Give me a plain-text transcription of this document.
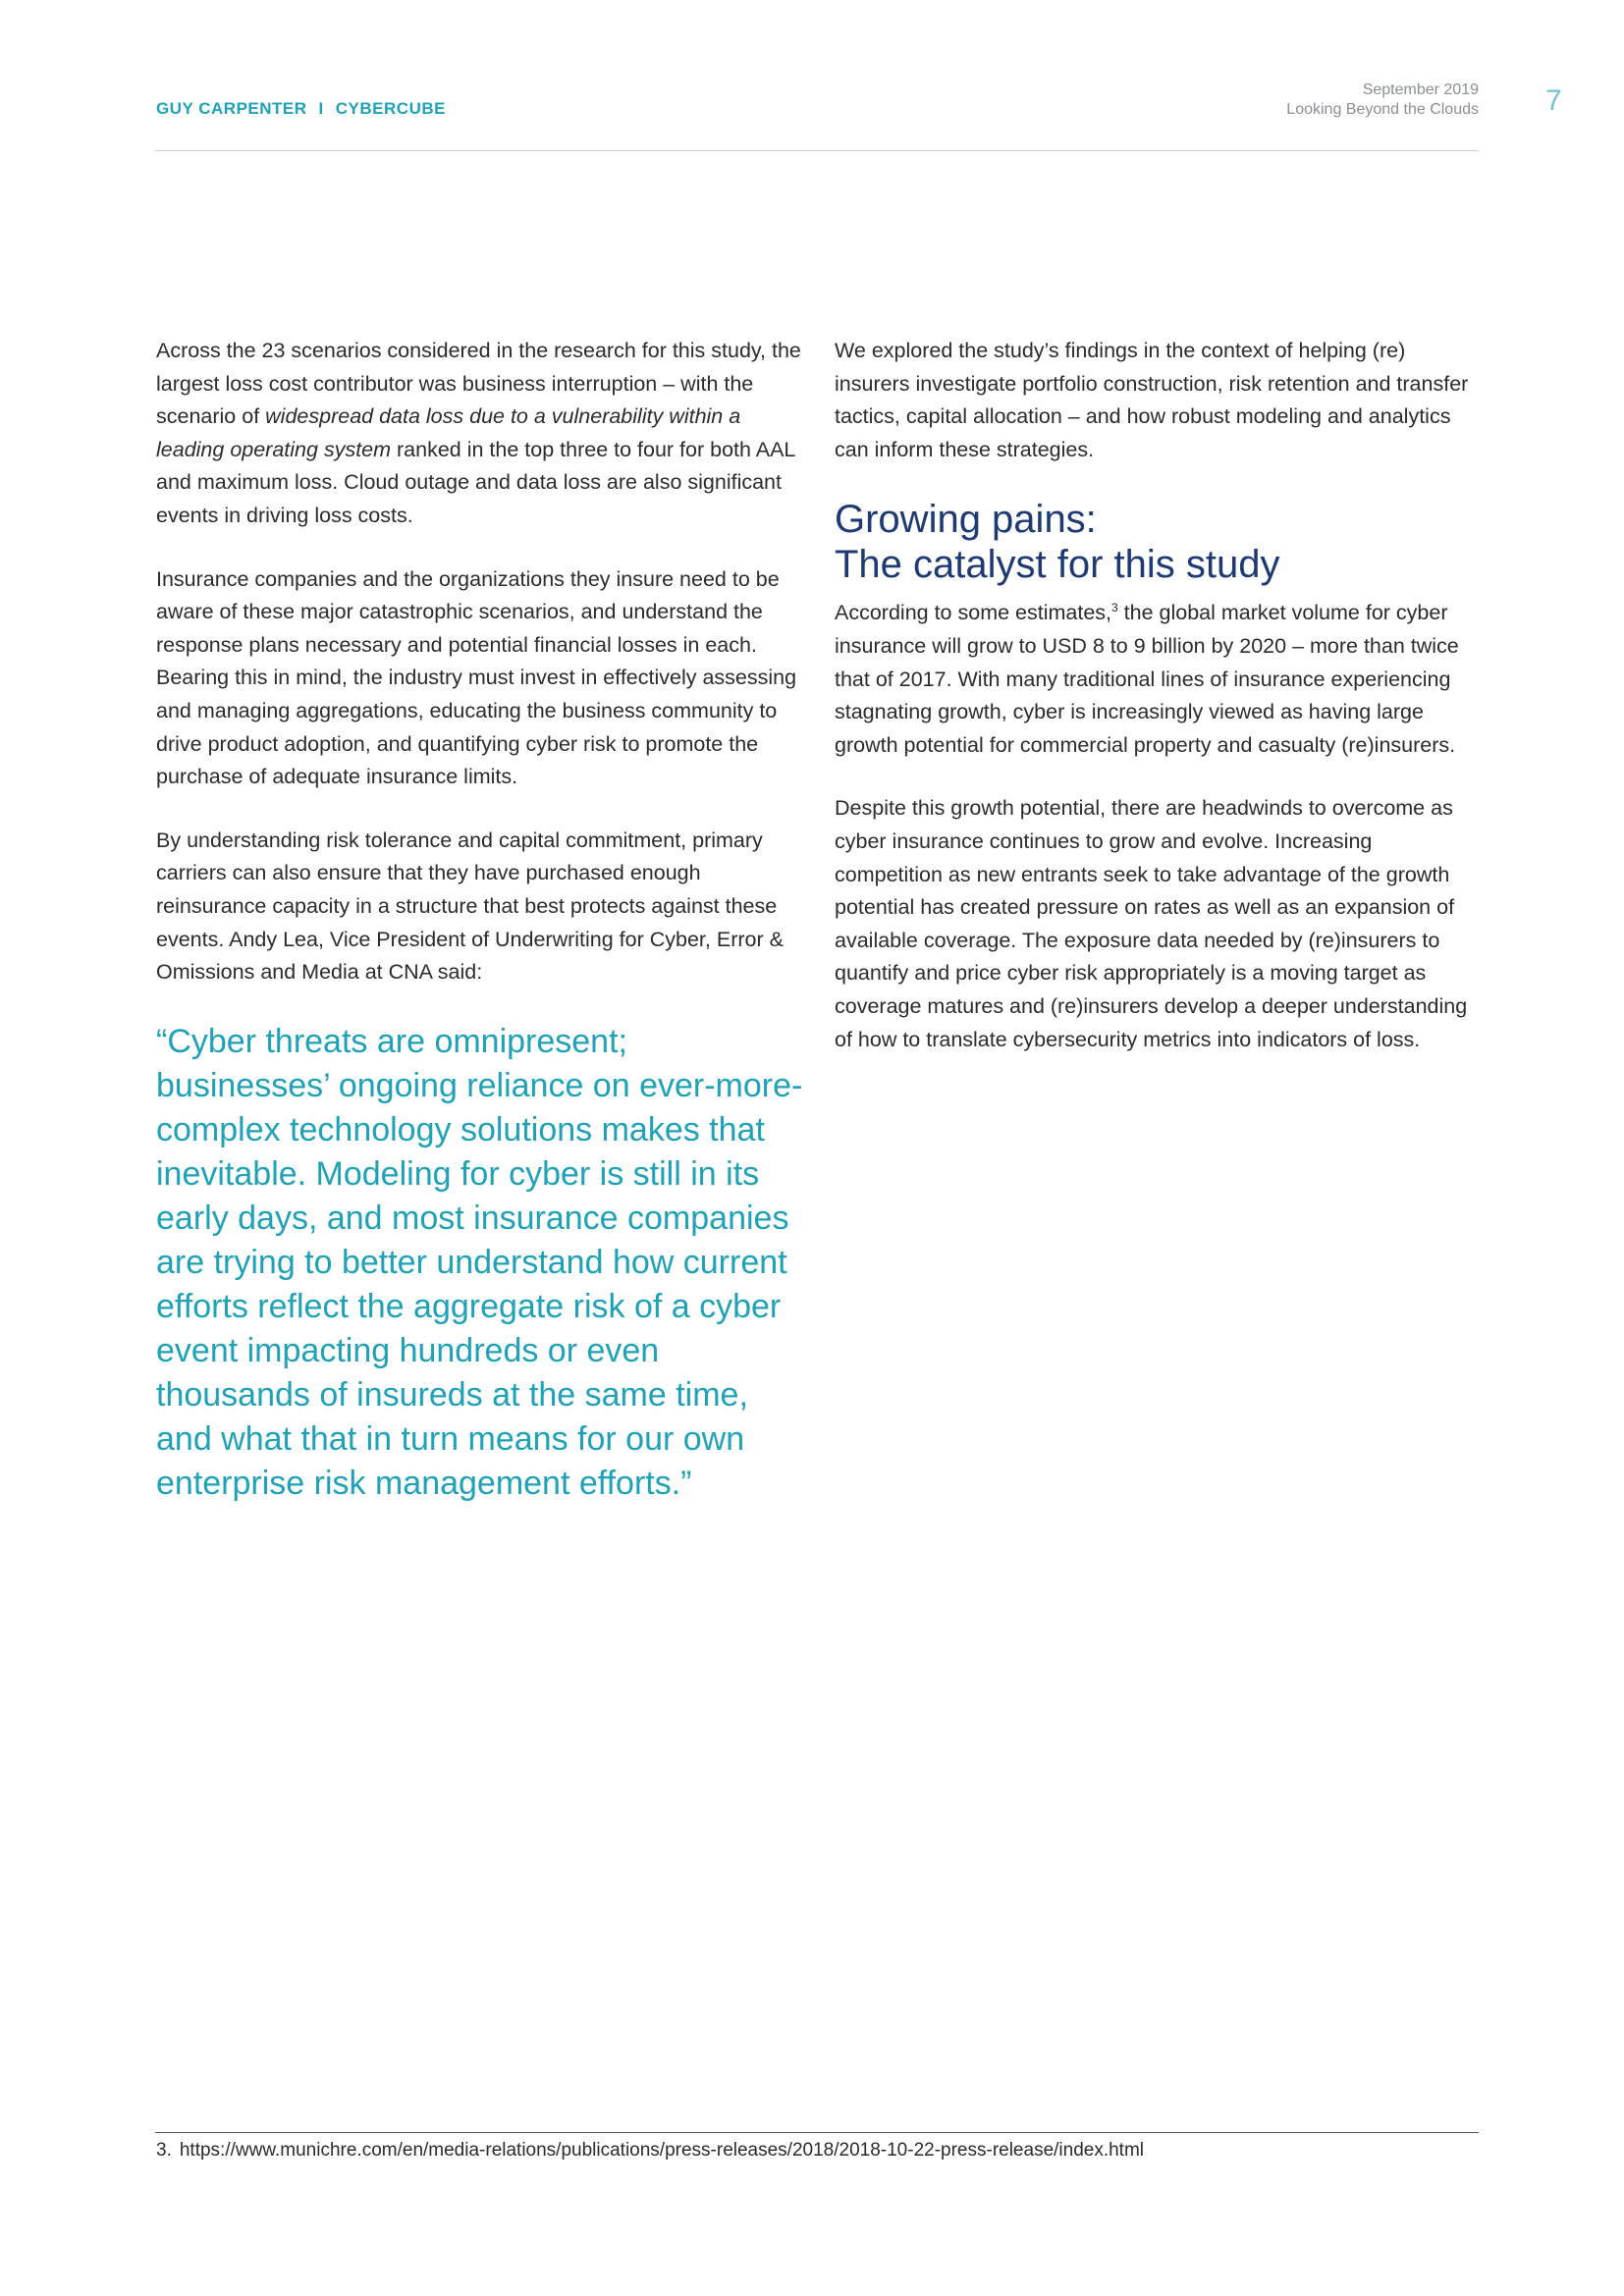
GUY CARPENTER I CYBERCUBE
September 2019
Looking Beyond the Clouds 7

Across the 23 scenarios considered in the research for this study, the largest loss cost contributor was business interruption – with the scenario of widespread data loss due to a vulnerability within a leading operating system ranked in the top three to four for both AAL and maximum loss. Cloud outage and data loss are also significant events in driving loss costs.

Insurance companies and the organizations they insure need to be aware of these major catastrophic scenarios, and understand the response plans necessary and potential financial losses in each. Bearing this in mind, the industry must invest in effectively assessing and managing aggregations, educating the business community to drive product adoption, and quantifying cyber risk to promote the purchase of adequate insurance limits.

By understanding risk tolerance and capital commitment, primary carriers can also ensure that they have purchased enough reinsurance capacity in a structure that best protects against these events. Andy Lea, Vice President of Underwriting for Cyber, Error & Omissions and Media at CNA said:

“Cyber threats are omnipresent; businesses’ ongoing reliance on ever-more-complex technology solutions makes that inevitable. Modeling for cyber is still in its early days, and most insurance companies are trying to better understand how current efforts reflect the aggregate risk of a cyber event impacting hundreds or even thousands of insureds at the same time, and what that in turn means for our own enterprise risk management efforts.”

We explored the study’s findings in the context of helping (re) insurers investigate portfolio construction, risk retention and transfer tactics, capital allocation – and how robust modeling and analytics can inform these strategies.

Growing pains:
The catalyst for this study

According to some estimates,$^3$ the global market volume for cyber insurance will grow to USD 8 to 9 billion by 2020 – more than twice that of 2017. With many traditional lines of insurance experiencing stagnating growth, cyber is increasingly viewed as having large growth potential for commercial property and casualty (re)insurers.

Despite this growth potential, there are headwinds to overcome as cyber insurance continues to grow and evolve. Increasing competition as new entrants seek to take advantage of the growth potential has created pressure on rates as well as an expansion of available coverage. The exposure data needed by (re)insurers to quantify and price cyber risk appropriately is a moving target as coverage matures and (re)insurers develop a deeper understanding of how to translate cybersecurity metrics into indicators of loss.

3. https://www.munichre.com/en/media-relations/publications/press-releases/2018/2018-10-22-press-release/index.html
